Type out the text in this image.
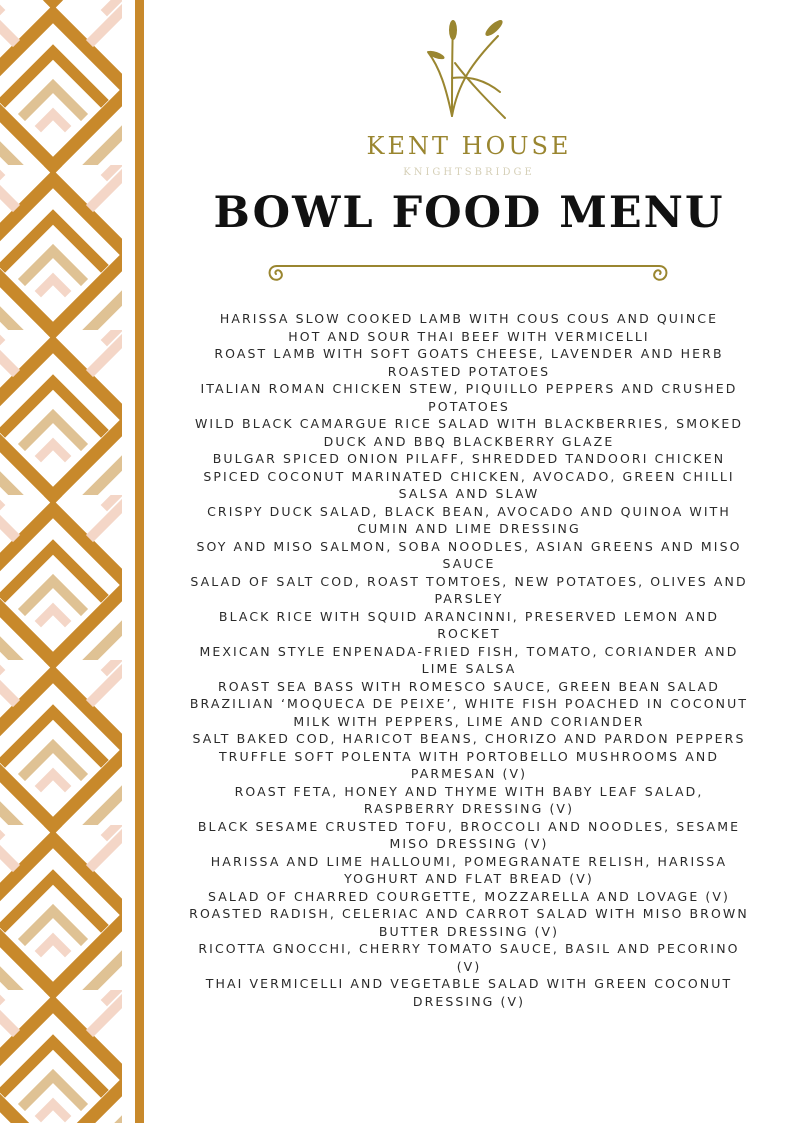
KENT HOUSE
KNIGHTSBRIDGE
BOWL FOOD MENU
HARISSA SLOW COOKED LAMB WITH COUS COUS AND QUINCE
HOT AND SOUR THAI BEEF WITH VERMICELLI
ROAST LAMB WITH SOFT GOATS CHEESE, LAVENDER AND HERB ROASTED POTATOES
ITALIAN ROMAN CHICKEN STEW, PIQUILLO PEPPERS AND CRUSHED POTATOES
WILD BLACK CAMARGUE RICE SALAD WITH BLACKBERRIES, SMOKED DUCK AND BBQ BLACKBERRY GLAZE
BULGAR SPICED ONION PILAFF, SHREDDED TANDOORI CHICKEN
SPICED COCONUT MARINATED CHICKEN, AVOCADO, GREEN CHILLI SALSA AND SLAW
CRISPY DUCK SALAD, BLACK BEAN, AVOCADO AND QUINOA WITH CUMIN AND LIME DRESSING
SOY AND MISO SALMON, SOBA NOODLES, ASIAN GREENS AND MISO SAUCE
SALAD OF SALT COD, ROAST TOMTOES, NEW POTATOES, OLIVES AND PARSLEY
BLACK RICE WITH SQUID ARANCINNI, PRESERVED LEMON AND ROCKET
MEXICAN STYLE ENPENADA-FRIED FISH, TOMATO, CORIANDER AND LIME SALSA
ROAST SEA BASS WITH ROMESCO SAUCE, GREEN BEAN SALAD
BRAZILIAN ‘MOQUECA DE PEIXE’, WHITE FISH POACHED IN COCONUT MILK WITH PEPPERS, LIME AND CORIANDER
SALT BAKED COD, HARICOT BEANS, CHORIZO AND PARDON PEPPERS
TRUFFLE SOFT POLENTA WITH PORTOBELLO MUSHROOMS AND PARMESAN (V)
ROAST FETA, HONEY AND THYME WITH BABY LEAF SALAD, RASPBERRY DRESSING (V)
BLACK SESAME CRUSTED TOFU, BROCCOLI AND NOODLES, SESAME MISO DRESSING (V)
HARISSA AND LIME HALLOUMI, POMEGRANATE RELISH, HARISSA YOGHURT AND FLAT BREAD (V)
SALAD OF CHARRED COURGETTE, MOZZARELLA AND LOVAGE (V)
ROASTED RADISH, CELERIAC AND CARROT SALAD WITH MISO BROWN BUTTER DRESSING (V)
RICOTTA GNOCCHI, CHERRY TOMATO SAUCE, BASIL AND PECORINO (V)
THAI VERMICELLI AND VEGETABLE SALAD WITH GREEN COCONUT DRESSING (V)
